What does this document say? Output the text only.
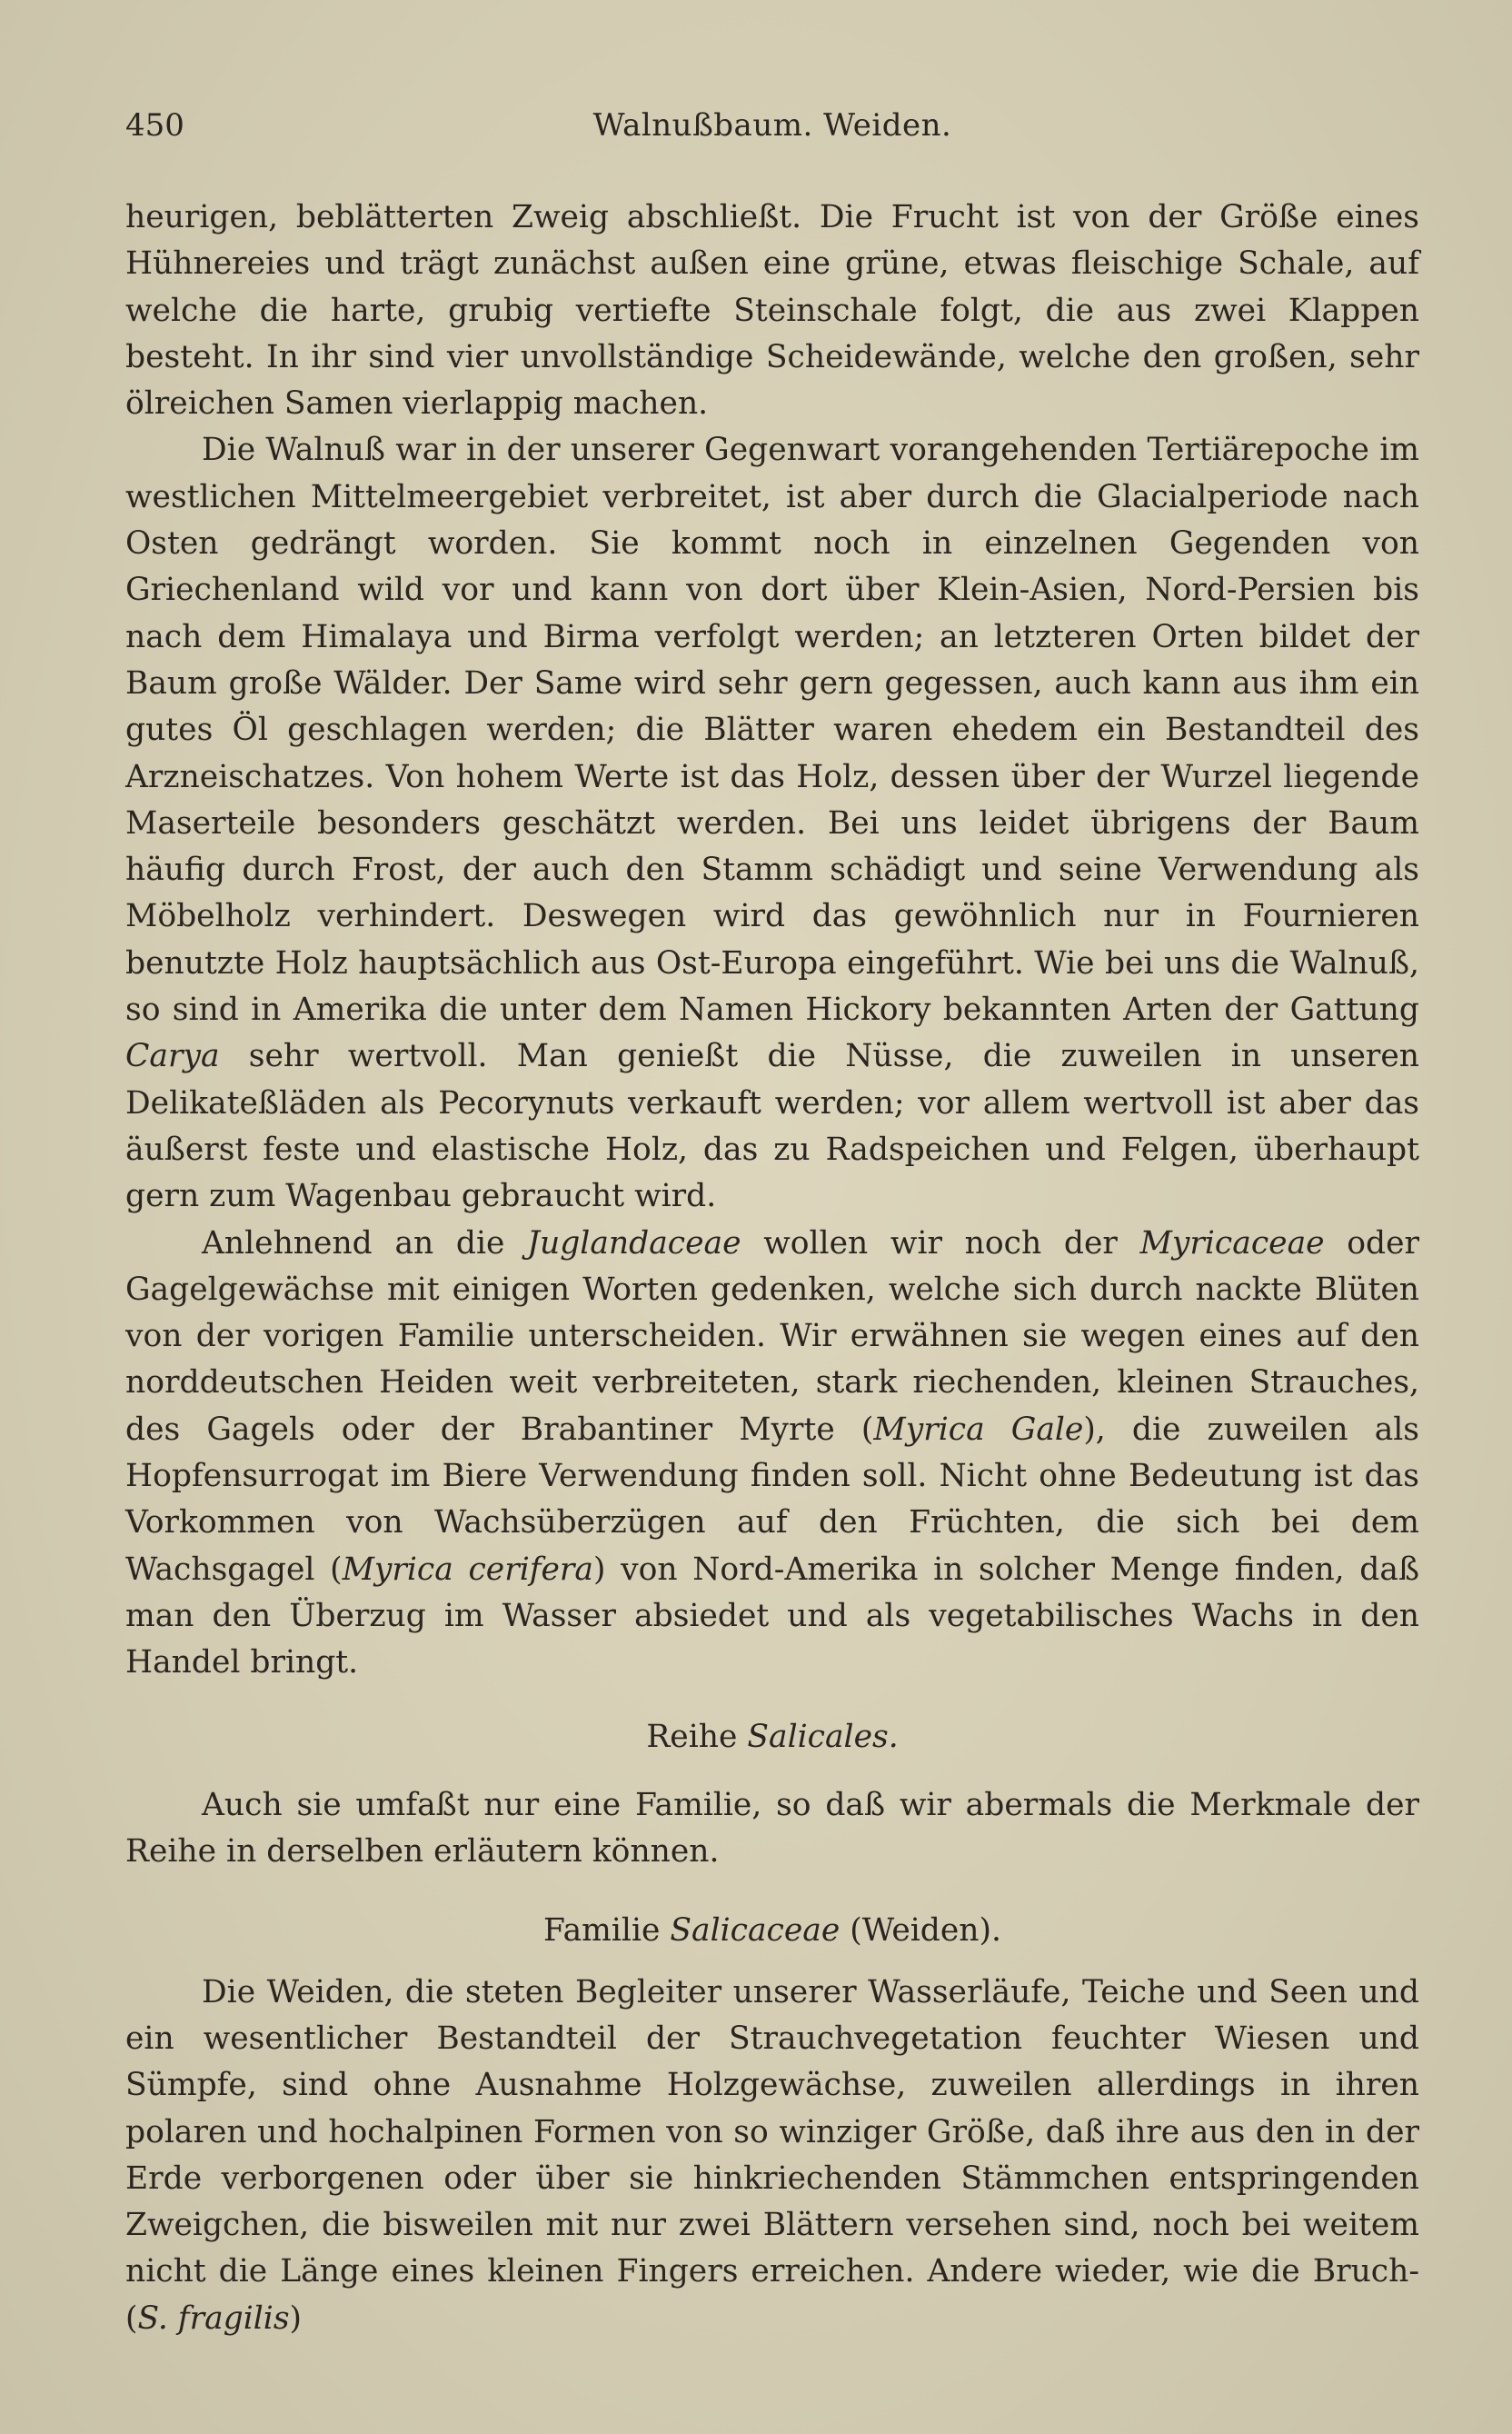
450	Walnußbaum. Weiden.

heurigen, beblätterten Zweig abschließt. Die Frucht ist von der Größe eines Hühnereies und trägt zunächst außen eine grüne, etwas fleischige Schale, auf welche die harte, grubig vertiefte Steinschale folgt, die aus zwei Klappen besteht. In ihr sind vier unvollständige Scheidewände, welche den großen, sehr ölreichen Samen vierlappig machen.

Die Walnuß war in der unserer Gegenwart vorangehenden Tertiärepoche im westlichen Mittelmeergebiet verbreitet, ist aber durch die Glacialperiode nach Osten gedrängt worden. Sie kommt noch in einzelnen Gegenden von Griechenland wild vor und kann von dort über Klein-Asien, Nord-Persien bis nach dem Himalaya und Birma verfolgt werden; an letzteren Orten bildet der Baum große Wälder. Der Same wird sehr gern gegessen, auch kann aus ihm ein gutes Öl geschlagen werden; die Blätter waren ehedem ein Bestandteil des Arzneischatzes. Von hohem Werte ist das Holz, dessen über der Wurzel liegende Maserteile besonders geschätzt werden. Bei uns leidet übrigens der Baum häufig durch Frost, der auch den Stamm schädigt und seine Verwendung als Möbelholz verhindert. Deswegen wird das gewöhnlich nur in Fournieren benutzte Holz hauptsächlich aus Ost-Europa eingeführt. Wie bei uns die Walnuß, so sind in Amerika die unter dem Namen Hickory bekannten Arten der Gattung Carya sehr wertvoll. Man genießt die Nüsse, die zuweilen in unseren Delikateßläden als Pecorynuts verkauft werden; vor allem wertvoll ist aber das äußerst feste und elastische Holz, das zu Radspeichen und Felgen, überhaupt gern zum Wagenbau gebraucht wird.

Anlehnend an die Juglandaceae wollen wir noch der Myricaceae oder Gagelgewächse mit einigen Worten gedenken, welche sich durch nackte Blüten von der vorigen Familie unterscheiden. Wir erwähnen sie wegen eines auf den norddeutschen Heiden weit verbreiteten, stark riechenden, kleinen Strauches, des Gagels oder der Brabantiner Myrte (Myrica Gale), die zuweilen als Hopfensurrogat im Biere Verwendung finden soll. Nicht ohne Bedeutung ist das Vorkommen von Wachsüberzügen auf den Früchten, die sich bei dem Wachsgagel (Myrica cerifera) von Nord-Amerika in solcher Menge finden, daß man den Überzug im Wasser absiedet und als vegetabilisches Wachs in den Handel bringt.

Reihe Salicales.

Auch sie umfaßt nur eine Familie, so daß wir abermals die Merkmale der Reihe in derselben erläutern können.

Familie Salicaceae (Weiden).

Die Weiden, die steten Begleiter unserer Wasserläufe, Teiche und Seen und ein wesentlicher Bestandteil der Strauchvegetation feuchter Wiesen und Sümpfe, sind ohne Ausnahme Holzgewächse, zuweilen allerdings in ihren polaren und hochalpinen Formen von so winziger Größe, daß ihre aus den in der Erde verborgenen oder über sie hinkriechenden Stämmchen entspringenden Zweigchen, die bisweilen mit nur zwei Blättern versehen sind, noch bei weitem nicht die Länge eines kleinen Fingers erreichen. Andere wieder, wie die Bruch- (S. fragilis)
